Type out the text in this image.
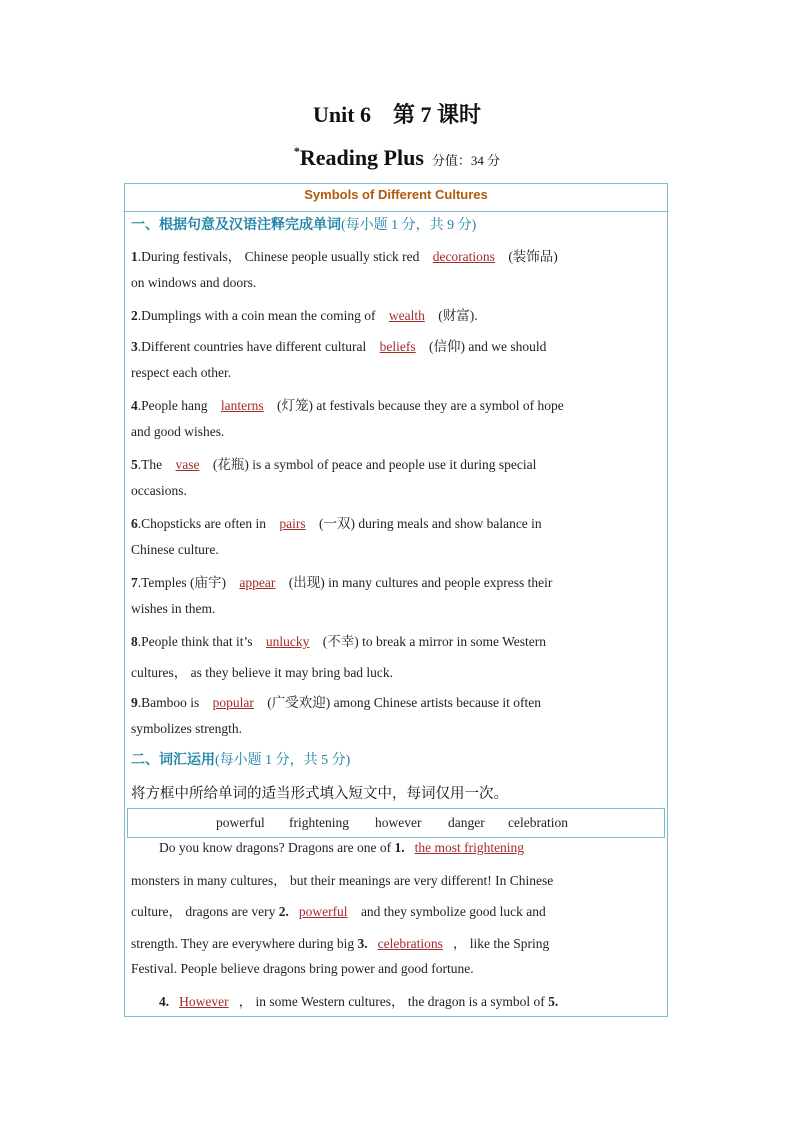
Unit 6 第 7 课时
*Reading Plus 分值：34 分
Symbols of Different Cultures
一、根据句意及汉语注释完成单词(每小题 1 分，共 9 分)
1.During festivals， Chinese people usually stick red decorations (装饰品)
on windows and doors.
2.Dumplings with a coin mean the coming of wealth (财富).
3.Different countries have different cultural beliefs (信仰) and we should
respect each other.
4.People hang lanterns (灯笼) at festivals because they are a symbol of hope
and good wishes.
5.The vase (花瓶) is a symbol of peace and people use it during special
occasions.
6.Chopsticks are often in pairs (一双) during meals and show balance in
Chinese culture.
7.Temples (庙宇) appear (出现) in many cultures and people express their
wishes in them.
8.People think that it’s unlucky (不幸) to break a mirror in some Western
cultures， as they believe it may bring bad luck.
9.Bamboo is popular (广受欢迎) among Chinese artists because it often
symbolizes strength.
二、词汇运用(每小题 1 分，共 5 分)
将方框中所给单词的适当形式填入短文中，每词仅用一次。
powerful frightening however danger celebration
Do you know dragons? Dragons are one of 1. the most frightening
monsters in many cultures， but their meanings are very different! In Chinese
culture， dragons are very 2. powerful and they symbolize good luck and
strength. They are everywhere during big 3. celebrations ， like the Spring
Festival. People believe dragons bring power and good fortune.
4. However ， in some Western cultures， the dragon is a symbol of 5.
